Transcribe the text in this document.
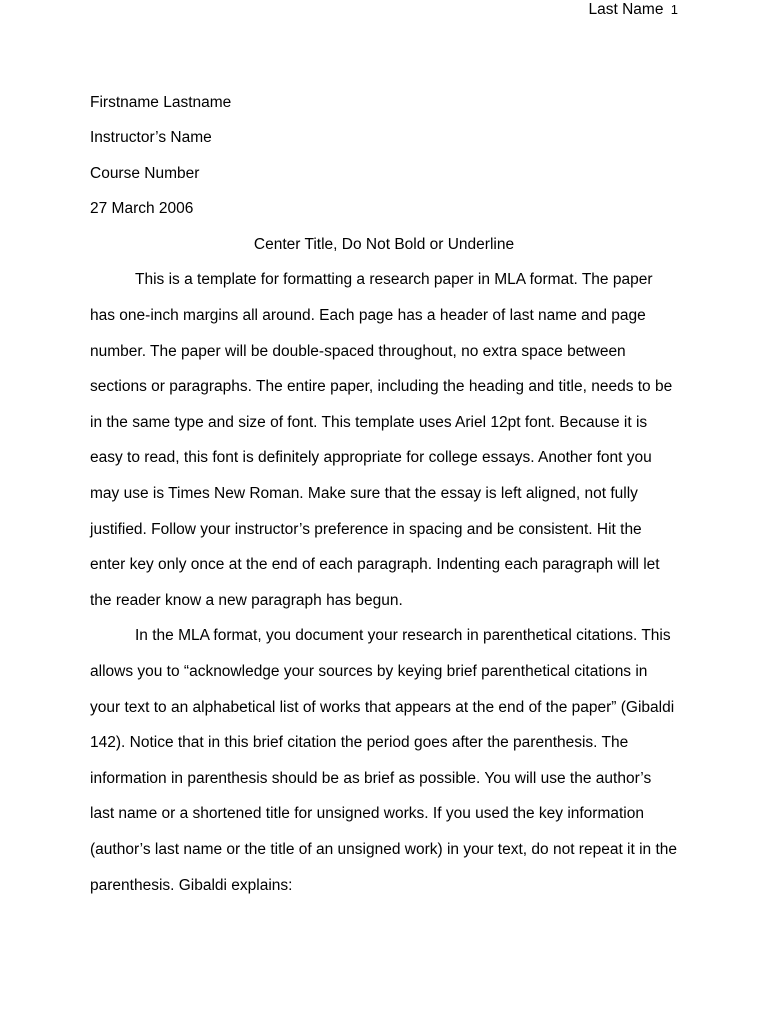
Last Name 1
Firstname Lastname
Instructor’s Name
Course Number
27 March 2006

Center Title, Do Not Bold or Underline

This is a template for formatting a research paper in MLA format. The paper has one-inch margins all around. Each page has a header of last name and page number. The paper will be double-spaced throughout, no extra space between sections or paragraphs. The entire paper, including the heading and title, needs to be in the same type and size of font. This template uses Ariel 12pt font. Because it is easy to read, this font is definitely appropriate for college essays. Another font you may use is Times New Roman. Make sure that the essay is left aligned, not fully justified. Follow your instructor’s preference in spacing and be consistent. Hit the enter key only once at the end of each paragraph. Indenting each paragraph will let the reader know a new paragraph has begun.

In the MLA format, you document your research in parenthetical citations. This allows you to “acknowledge your sources by keying brief parenthetical citations in your text to an alphabetical list of works that appears at the end of the paper” (Gibaldi 142). Notice that in this brief citation the period goes after the parenthesis. The information in parenthesis should be as brief as possible. You will use the author’s last name or a shortened title for unsigned works. If you used the key information (author’s last name or the title of an unsigned work) in your text, do not repeat it in the parenthesis. Gibaldi explains:
